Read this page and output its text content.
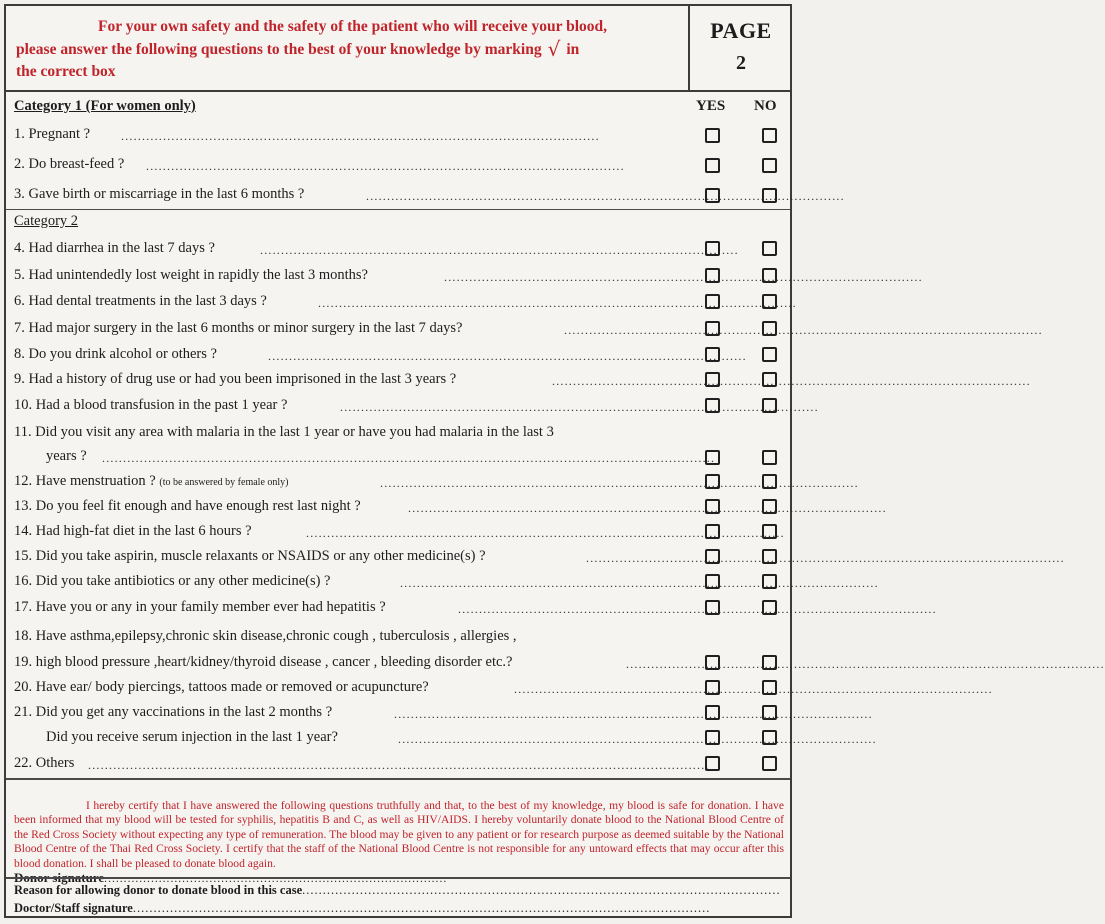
For your own safety and the safety of the patient who will receive your blood,
please answer the following questions to the best of your knowledge by marking √ in
the correct box
PAGE
2
Category 1 (For women only)	YES NO
1. Pregnant ?	..................................................................................................................
2. Do breast-feed ? ..................................................................................................................
3. Gave birth or miscarriage in the last 6 months ?	..................................................................................................................
Category 2
4. Had diarrhea in the last 7 days ?	..................................................................................................................
5. Had unintendedly lost weight in rapidly the last 3 months?	..................................................................................................................
6. Had dental treatments in the last 3 days ?	..................................................................................................................
7. Had major surgery in the last 6 months or minor surgery in the last 7 days?	..................................................................................................................
8. Do you drink alcohol or others ?	..................................................................................................................
9. Had a history of drug use or had you been imprisoned in the last 3 years ?	..................................................................................................................
10. Had a blood transfusion in the past 1 year ?	..................................................................................................................
11. Did you visit any area with malaria in the last 1 year or have you had malaria in the last 3
years ? ..................................................................................................................................................
12. Have menstruation ? (to be answered by female only)	..................................................................................................................
13. Do you feel fit enough and have enough rest last night ?	..................................................................................................................
14. Had high-fat diet in the last 6 hours ?	..................................................................................................................
15. Did you take aspirin, muscle relaxants or NSAIDS or any other medicine(s) ?	..................................................................................................................
16. Did you take antibiotics or any other medicine(s) ?	..................................................................................................................
17. Have you or any in your family member ever had hepatitis ?	..................................................................................................................
18. Have asthma,epilepsy,chronic skin disease,chronic cough , tuberculosis , allergies ,
19. high blood pressure ,heart/kidney/thyroid disease , cancer , bleeding disorder etc.?	..................................................................................................................
20. Have ear/ body piercings, tattoos made or removed or acupuncture?	..................................................................................................................
21. Did you get any vaccinations in the last 2 months ?	..................................................................................................................
Did you receive serum injection in the last 1 year?	..................................................................................................................
22. Others ....................................................................................................................................................
I hereby certify that I have answered the following questions truthfully and that, to the best of my knowledge, my blood is safe for donation. I have been informed that my blood will be tested for syphilis, hepatitis B and C, as well as HIV/AIDS. I hereby voluntarily donate blood to the National Blood Centre of the Red Cross Society without expecting any type of remuneration. The blood may be given to any patient or for research purpose as deemed suitable by the National Blood Centre of the Thai Red Cross Society. I certify that the staff of the National Blood Centre is not responsible for any untoward effects that may occur after this blood donation. I shall be pleased to donate blood again.
Donor signature........................................................................................
Reason for allowing donor to donate blood in this case....................................................................................................................
Doctor/Staff signature............................................................................................................................................
